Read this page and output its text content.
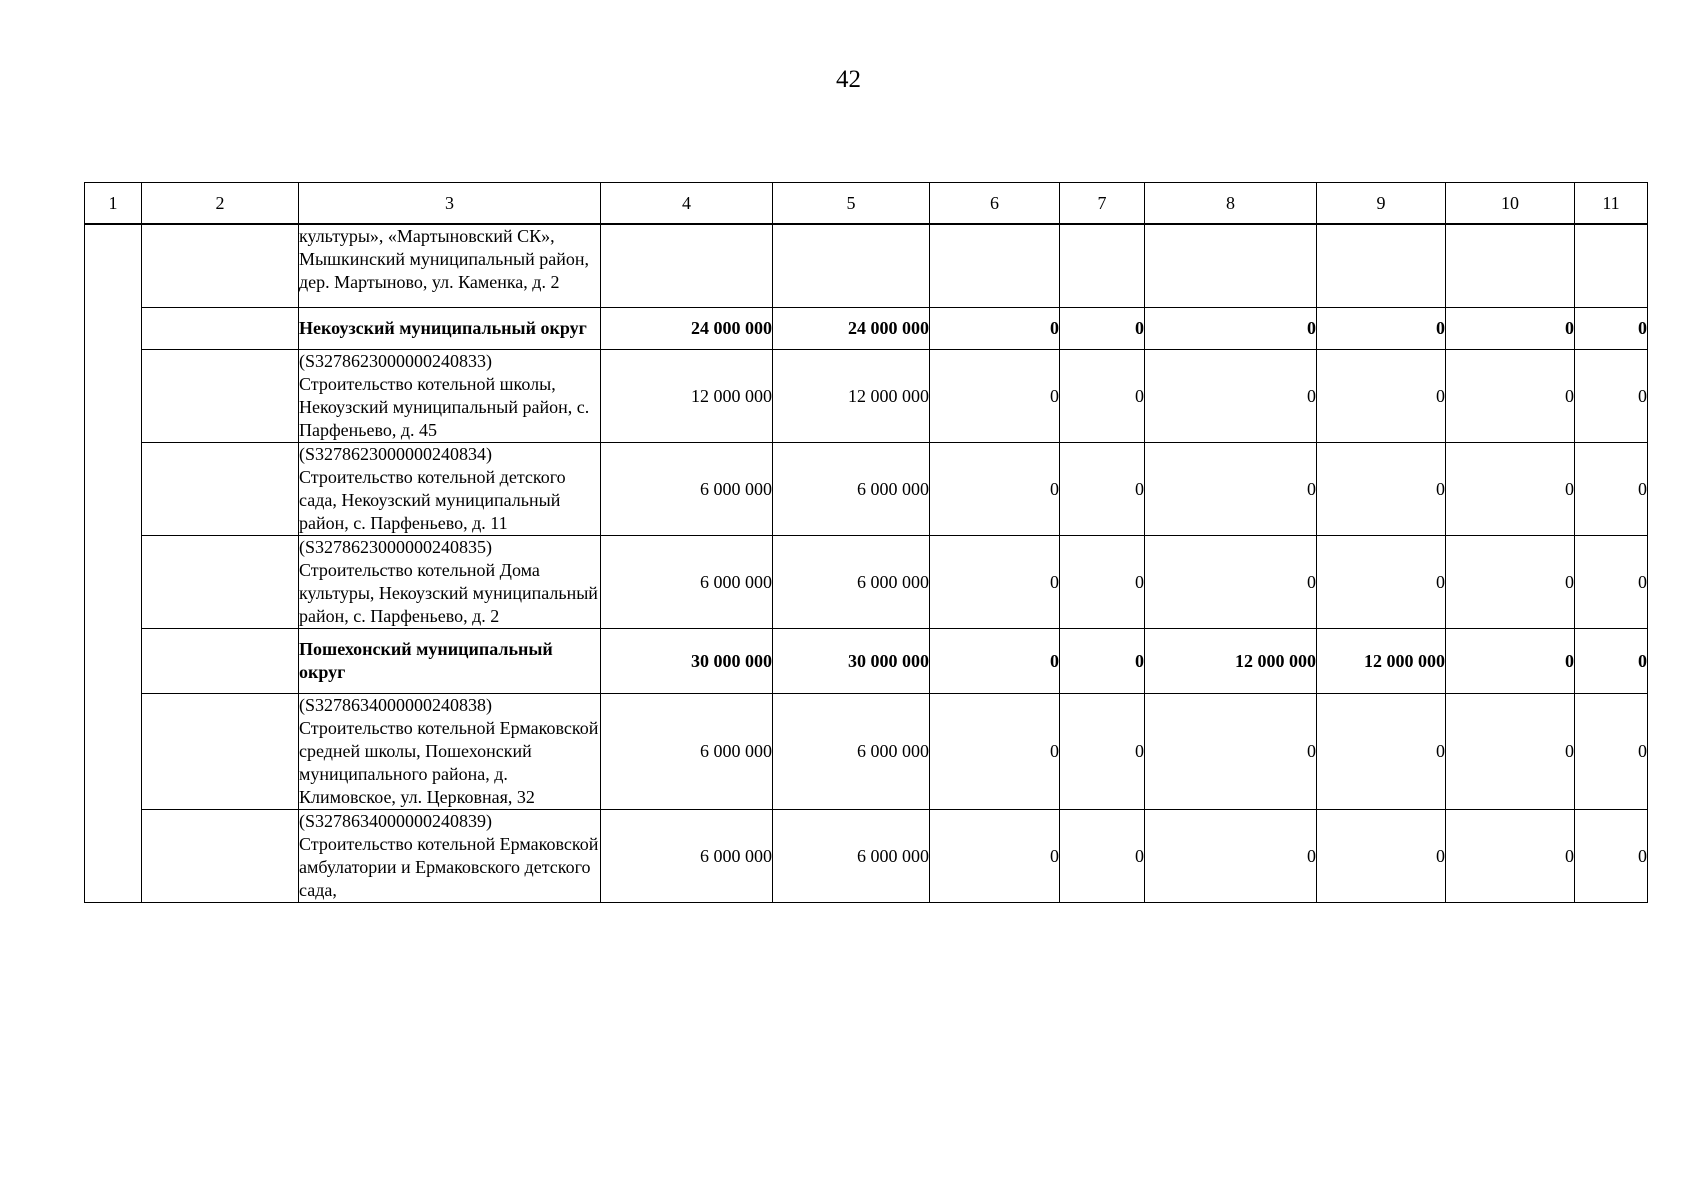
42
1	2	3	4	5	6	7	8	9	10	11
		культуры», «Мартыновский СК», Мышкинский муниципальный район, дер. Мартыново, ул. Каменка, д. 2								
		Некоузский муниципальный округ	24 000 000	24 000 000	0	0	0	0	0	0
		(S3278623000000240833) Строительство котельной школы, Некоузский муниципальный район, с. Парфеньево, д. 45	12 000 000	12 000 000	0	0	0	0	0	0
		(S3278623000000240834) Строительство котельной детского сада, Некоузский муниципальный район, с. Парфеньево, д. 11	6 000 000	6 000 000	0	0	0	0	0	0
		(S3278623000000240835) Строительство котельной Дома культуры, Некоузский муниципальный район, с. Парфеньево, д. 2	6 000 000	6 000 000	0	0	0	0	0	0
		Пошехонский муниципальный округ	30 000 000	30 000 000	0	0	12 000 000	12 000 000	0	0
		(S3278634000000240838) Строительство котельной Ермаковской средней школы, Пошехонский муниципального района, д. Климовское, ул. Церковная, 32	6 000 000	6 000 000	0	0	0	0	0	0
		(S3278634000000240839) Строительство котельной Ермаковской амбулатории и Ермаковского детского сада,	6 000 000	6 000 000	0	0	0	0	0	0
